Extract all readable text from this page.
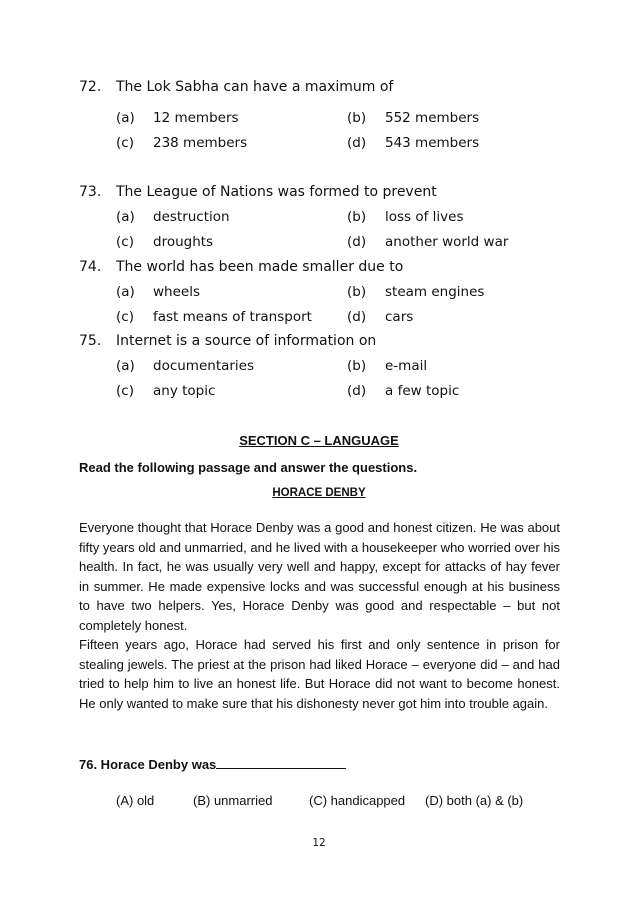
72. The Lok Sabha can have a maximum of
(a) 12 members	(b) 552 members
(c) 238 members	(d) 543 members
73. The League of Nations was formed to prevent
(a) destruction	(b) loss of lives
(c) droughts	(d) another world war
74. The world has been made smaller due to
(a) wheels	(b) steam engines
(c) fast means of transport	(d) cars
75. Internet is a source of information on
(a) documentaries	(b) e-mail
(c) any topic	(d) a few topic
SECTION C – LANGUAGE
Read the following passage and answer the questions.
HORACE DENBY

Everyone thought that Horace Denby was a good and honest citizen. He was about fifty years old and unmarried, and he lived with a housekeeper who worried over his health. In fact, he was usually very well and happy, except for attacks of hay fever in summer. He made expensive locks and was successful enough at his business to have two helpers. Yes, Horace Denby was good and respectable – but not completely honest.

Fifteen years ago, Horace had served his first and only sentence in prison for stealing jewels. The priest at the prison had liked Horace – everyone did – and had tried to help him to live an honest life. But Horace did not want to become honest. He only wanted to make sure that his dishonesty never got him into trouble again.

76. Horace Denby was
(A) old	(B) unmarried	(C) handicapped (D) both (a) & (b)
12
